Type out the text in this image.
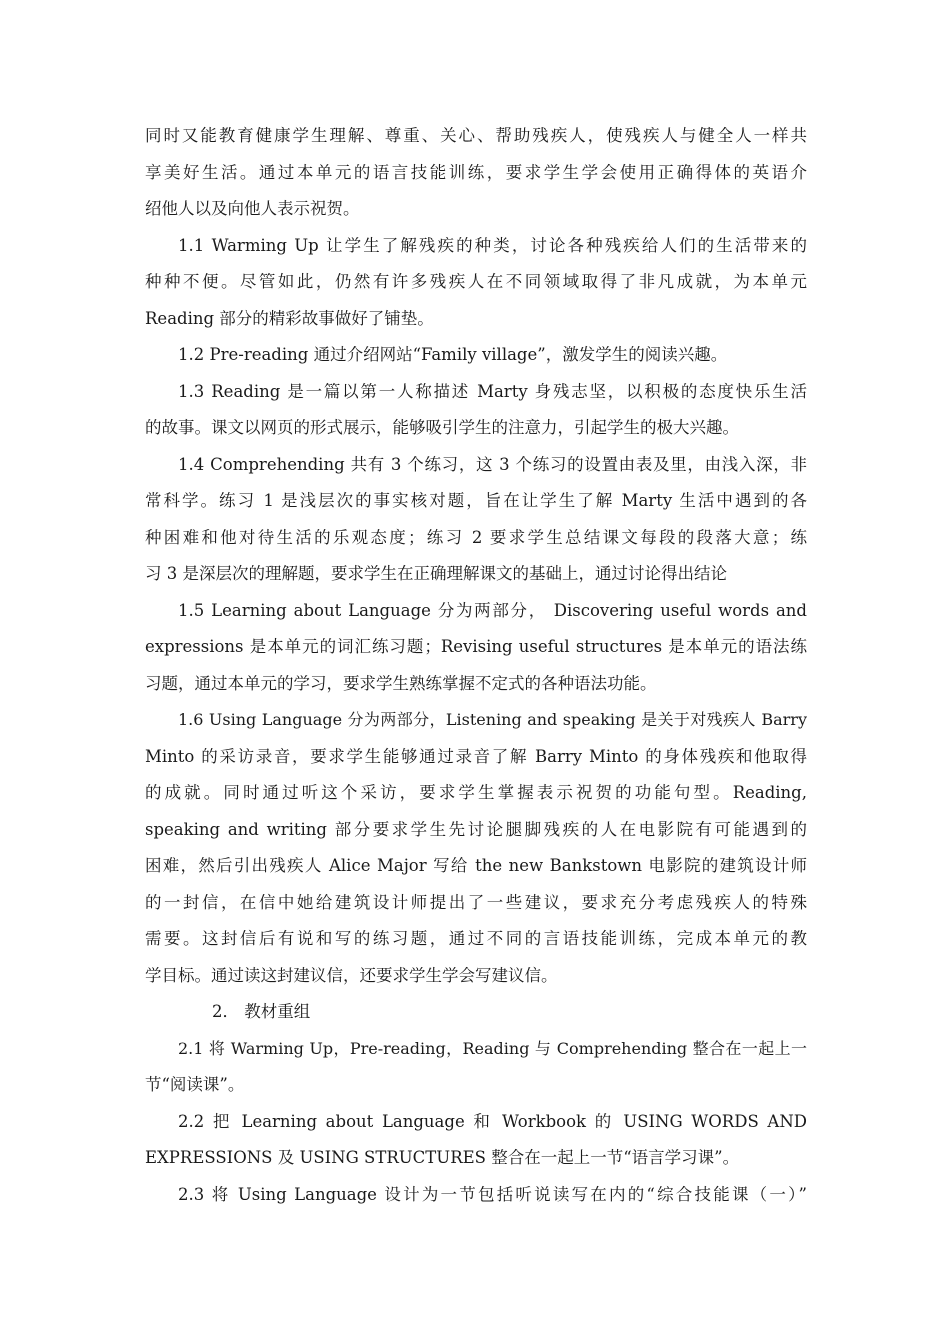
同时又能教育健康学生理解、尊重、关心、帮助残疾人，使残疾人与健全人一样共
享美好生活。通过本单元的语言技能训练，要求学生学会使用正确得体的英语介
绍他人以及向他人表示祝贺。
1.1 Warming Up 让学生了解残疾的种类，讨论各种残疾给人们的生活带来的
种种不便。尽管如此，仍然有许多残疾人在不同领域取得了非凡成就，为本单元
Reading 部分的精彩故事做好了铺垫。
1.2 Pre-reading 通过介绍网站“Family village”，激发学生的阅读兴趣。
1.3 Reading 是一篇以第一人称描述 Marty 身残志坚，以积极的态度快乐生活
的故事。课文以网页的形式展示，能够吸引学生的注意力，引起学生的极大兴趣。
1.4 Comprehending 共有 3 个练习，这 3 个练习的设置由表及里，由浅入深，非
常科学。练习 1 是浅层次的事实核对题，旨在让学生了解 Marty 生活中遇到的各
种困难和他对待生活的乐观态度；练习 2 要求学生总结课文每段的段落大意；练
习 3 是深层次的理解题，要求学生在正确理解课文的基础上，通过讨论得出结论
1.5 Learning about Language 分为两部分， Discovering useful words and
expressions 是本单元的词汇练习题；Revising useful structures 是本单元的语法练
习题，通过本单元的学习，要求学生熟练掌握不定式的各种语法功能。
1.6 Using Language 分为两部分，Listening and speaking 是关于对残疾人 Barry
Minto 的采访录音，要求学生能够通过录音了解 Barry Minto 的身体残疾和他取得
的成就。同时通过听这个采访，要求学生掌握表示祝贺的功能句型。Reading,
speaking and writing 部分要求学生先讨论腿脚残疾的人在电影院有可能遇到的
困难，然后引出残疾人 Alice Major 写给 the new Bankstown 电影院的建筑设计师
的一封信，在信中她给建筑设计师提出了一些建议，要求充分考虑残疾人的特殊
需要。这封信后有说和写的练习题，通过不同的言语技能训练，完成本单元的教
学目标。通过读这封建议信，还要求学生学会写建议信。
2． 教材重组
2.1 将 Warming Up，Pre-reading，Reading 与 Comprehending 整合在一起上一
节“阅读课”。
2.2 把 Learning about Language 和 Workbook 的 USING WORDS AND
EXPRESSIONS 及 USING STRUCTURES 整合在一起上一节“语言学习课”。
2.3 将 Using Language 设计为一节包括听说读写在内的“综合技能课（一）”
